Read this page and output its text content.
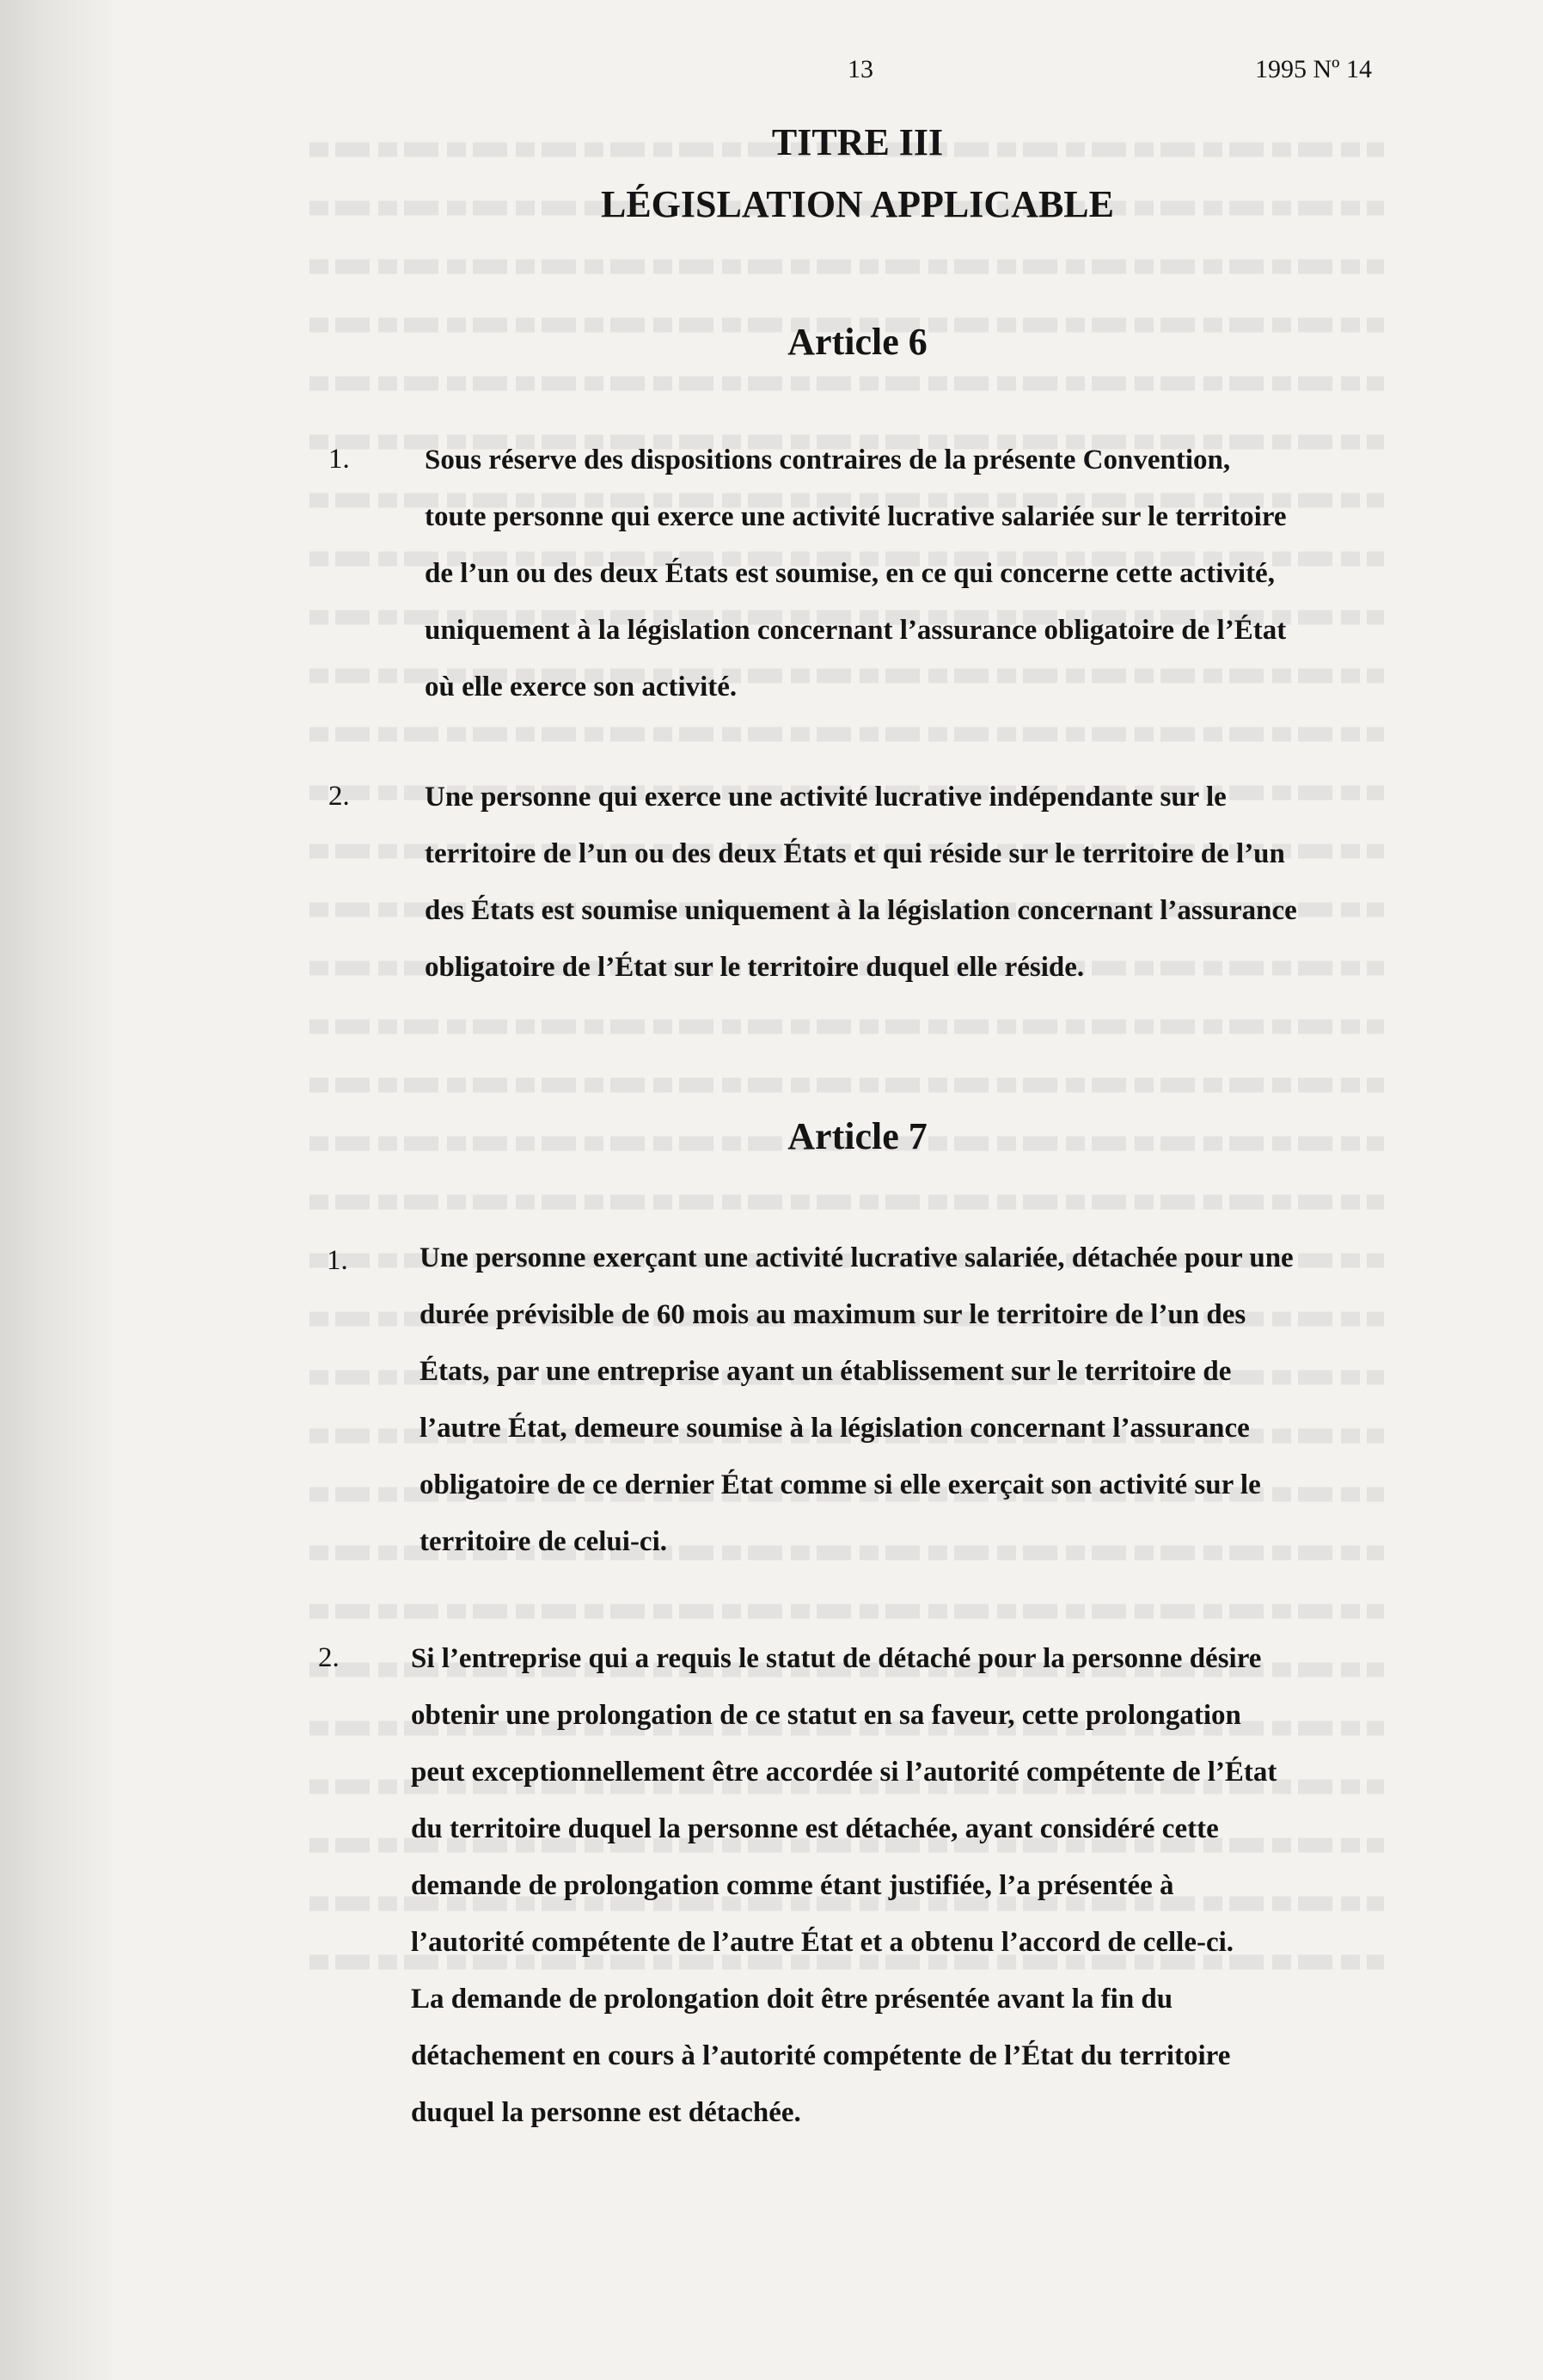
13	1995 Nº 14
TITRE III
LÉGISLATION APPLICABLE
Article 6
1.	Sous réserve des dispositions contraires de la présente Convention,
toute personne qui exerce une activité lucrative salariée sur le territoire
de l’un ou des deux États est soumise, en ce qui concerne cette activité,
uniquement à la législation concernant l’assurance obligatoire de l’État
où elle exerce son activité.
2.	Une personne qui exerce une activité lucrative indépendante sur le
territoire de l’un ou des deux États et qui réside sur le territoire de l’un
des États est soumise uniquement à la législation concernant l’assurance
obligatoire de l’État sur le territoire duquel elle réside.
Article 7
1.	Une personne exerçant une activité lucrative salariée, détachée pour une
durée prévisible de 60 mois au maximum sur le territoire de l’un des
États, par une entreprise ayant un établissement sur le territoire de
l’autre État, demeure soumise à la législation concernant l’assurance
obligatoire de ce dernier État comme si elle exerçait son activité sur le
territoire de celui-ci.
2.	Si l’entreprise qui a requis le statut de détaché pour la personne désire
obtenir une prolongation de ce statut en sa faveur, cette prolongation
peut exceptionnellement être accordée si l’autorité compétente de l’État
du territoire duquel la personne est détachée, ayant considéré cette
demande de prolongation comme étant justifiée, l’a présentée à
l’autorité compétente de l’autre État et a obtenu l’accord de celle-ci.
La demande de prolongation doit être présentée avant la fin du
détachement en cours à l’autorité compétente de l’État du territoire
duquel la personne est détachée.
